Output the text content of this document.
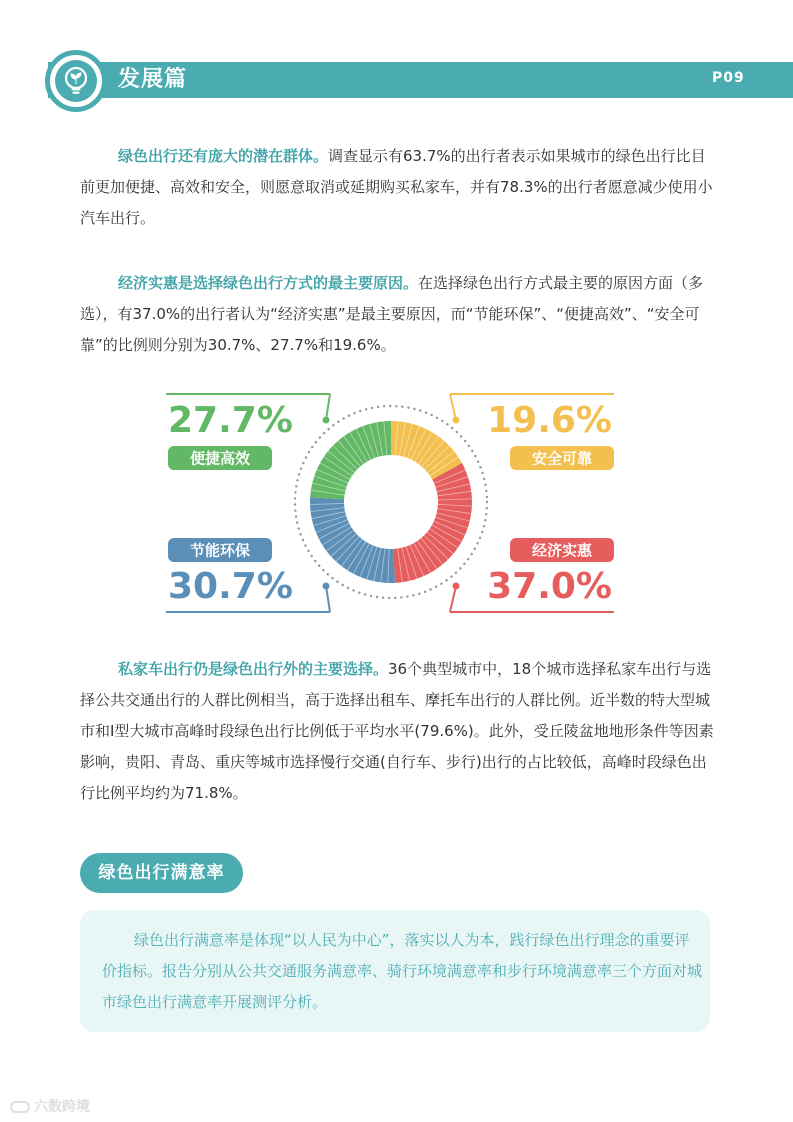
发展篇	P09
绿色出行还有庞大的潜在群体。调查显示有63.7%的出行者表示如果城市的绿色出行比目前更加便捷、高效和安全，则愿意取消或延期购买私家车，并有78.3%的出行者愿意减少使用小汽车出行。
经济实惠是选择绿色出行方式的最主要原因。在选择绿色出行方式最主要的原因方面（多选），有37.0%的出行者认为“经济实惠”是最主要原因，而“节能环保”、“便捷高效”、“安全可靠”的比例则分别为30.7%、27.7%和19.6%。
19.6%
安全可靠
37.0%
经济实惠
30.7%
节能环保
27.7%
便捷高效
私家车出行仍是绿色出行外的主要选择。36个典型城市中，18个城市选择私家车出行与选择公共交通出行的人群比例相当，高于选择出租车、摩托车出行的人群比例。近半数的特大型城市和I型大城市高峰时段绿色出行比例低于平均水平(79.6%)。此外，受丘陵盆地地形条件等因素影响，贵阳、青岛、重庆等城市选择慢行交通(自行车、步行)出行的占比较低，高峰时段绿色出行比例平均约为71.8%。
绿色出行满意率
绿色出行满意率是体现“以人民为中心”，落实以人为本，践行绿色出行理念的重要评价指标。报告分别从公共交通服务满意率、骑行环境满意率和步行环境满意率三个方面对城市绿色出行满意率开展测评分析。
六数跨境
